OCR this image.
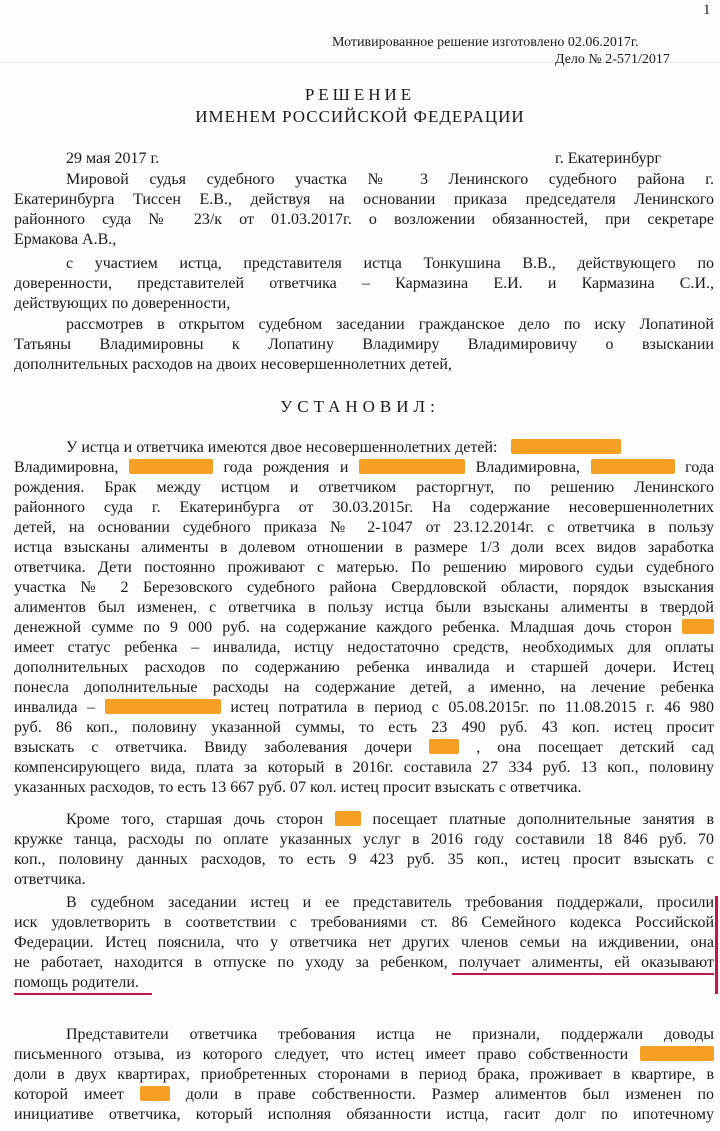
1
Мотивированное решение изготовлено 02.06.2017г.
Дело № 2-571/2017
РЕШЕНИЕ
ИМЕНЕМ РОССИЙСКОЙ ФЕДЕРАЦИИ
29 мая 2017 г.	г. Екатеринбург
Мировой судья судебного участка № 3 Ленинского судебного района г.
Екатеринбурга Тиссен Е.В., действуя на основании приказа председателя Ленинского
районного суда № 23/к от 01.03.2017г. о возложении обязанностей, при секретаре
Ермакова А.В.,
с участием истца, представителя истца Тонкушина В.В., действующего по
доверенности, представителей ответчика – Кармазина Е.И. и Кармазина С.И.,
действующих по доверенности,
рассмотрев в открытом судебном заседании гражданское дело по иску Лопатиной
Татьяны Владимировны к Лопатину Владимиру Владимировичу о взыскании
дополнительных расходов на двоих несовершеннолетних детей,
УСТАНОВИЛ:
У истца и ответчика имеются двое несовершеннолетних детей:
Владимировна,	года рождения и	Владимировна,	года
рождения. Брак между истцом и ответчиком расторгнут, по решению Ленинского
районного суда г. Екатеринбурга от 30.03.2015г. На содержание несовершеннолетних
детей, на основании судебного приказа № 2-1047 от 23.12.2014г. с ответчика в пользу
истца взысканы алименты в долевом отношении в размере 1/3 доли всех видов заработка
ответчика. Дети постоянно проживают с матерью. По решению мирового судьи судебного
участка № 2 Березовского судебного района Свердловской области, порядок взыскания
алиментов был изменен, с ответчика в пользу истца были взысканы алименты в твердой
денежной сумме по 9 000 руб. на содержание каждого ребенка. Младшая дочь сторон
имеет статус ребенка – инвалида, истцу недостаточно средств, необходимых для оплаты
дополнительных расходов по содержанию ребенка инвалида и старшей дочери. Истец
понесла дополнительные расходы на содержание детей, а именно, на лечение ребенка
инвалида –	истец потратила в период с 05.08.2015г. по 11.08.2015 г. 46 980
руб. 86 коп., половину указанной суммы, то есть 23 490 руб. 43 коп. истец просит
взыскать с ответчика. Ввиду заболевания дочери	, она посещает детский сад
компенсирующего вида, плата за который в 2016г. составила 27 334 руб. 13 коп., половину
указанных расходов, то есть 13 667 руб. 07 кол. истец просит взыскать с ответчика.
Кроме того, старшая дочь сторон	посещает платные дополнительные занятия в
кружке танца, расходы по оплате указанных услуг в 2016 году составили 18 846 руб. 70
коп., половину данных расходов, то есть 9 423 руб. 35 коп., истец просит взыскать с
ответчика.
В судебном заседании истец и ее представитель требования поддержали, просили
иск удовлетворить в соответствии с требованиями ст. 86 Семейного кодекса Российской
Федерации. Истец пояснила, что у ответчика нет других членов семьи на иждивении, она
не работает, находится в отпуске по уходу за ребенком, получает алименты, ей оказывают
помощь родители.
Представители ответчика требования истца не признали, поддержали доводы
письменного отзыва, из которого следует, что истец имеет право собственности
доли в двух квартирах, приобретенных сторонами в период брака, проживает в квартире, в
которой имеет	доли в праве собственности. Размер алиментов был изменен по
инициативе ответчика, который исполняя обязанности истца, гасит долг по ипотечному
